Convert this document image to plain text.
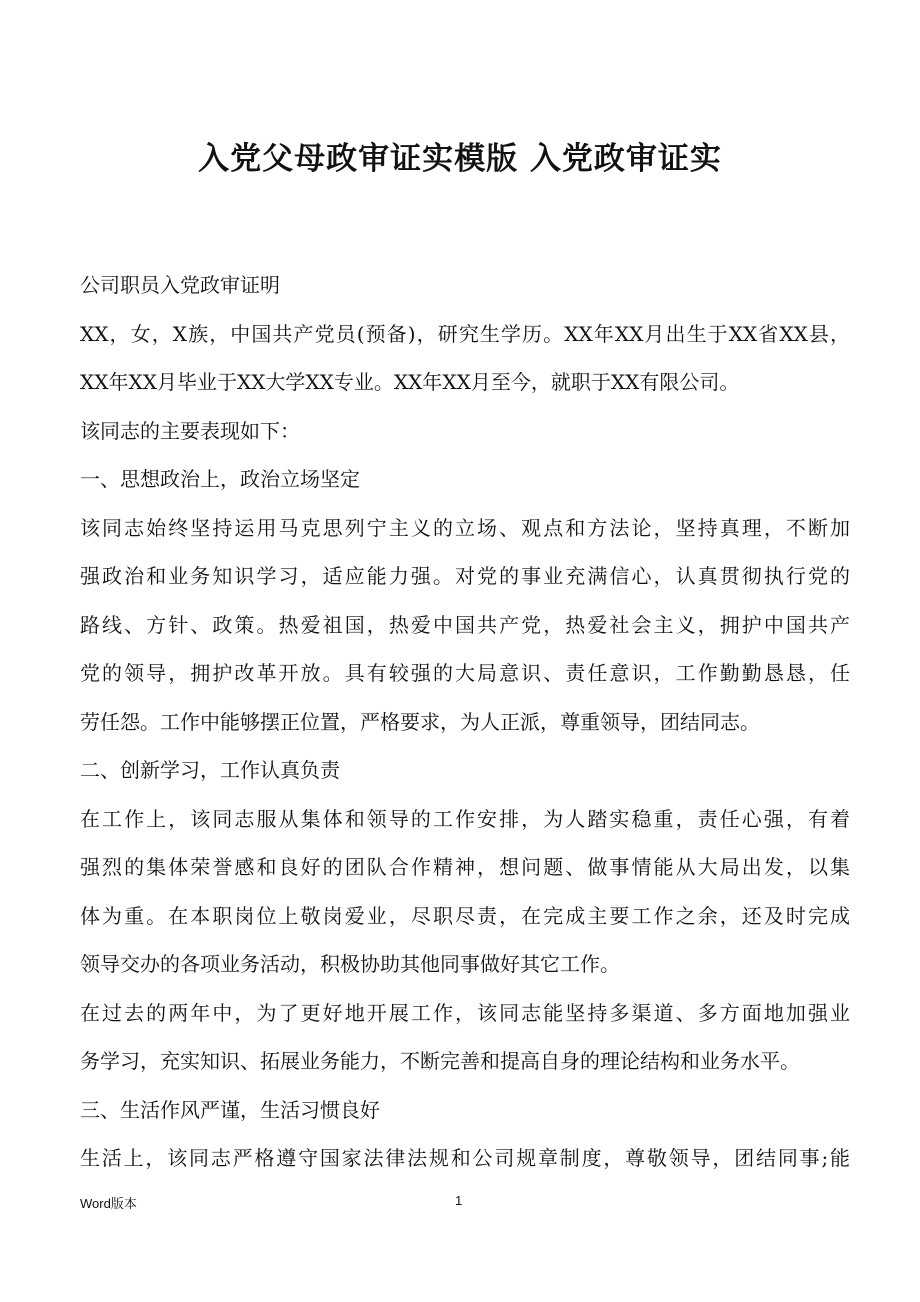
入党父母政审证实模版 入党政审证实

公司职员入党政审证明

XX，女，X族，中国共产党员(预备)，研究生学历。XX年XX月出生于XX省XX县，

XX年XX月毕业于XX大学XX专业。XX年XX月至今，就职于XX有限公司。

该同志的主要表现如下：

一、思想政治上，政治立场坚定

该同志始终坚持运用马克思列宁主义的立场、观点和方法论，坚持真理，不断加

强政治和业务知识学习，适应能力强。对党的事业充满信心，认真贯彻执行党的

路线、方针、政策。热爱祖国，热爱中国共产党，热爱社会主义，拥护中国共产

党的领导，拥护改革开放。具有较强的大局意识、责任意识，工作勤勤恳恳，任

劳任怨。工作中能够摆正位置，严格要求，为人正派，尊重领导，团结同志。

二、创新学习，工作认真负责

在工作上，该同志服从集体和领导的工作安排，为人踏实稳重，责任心强，有着

强烈的集体荣誉感和良好的团队合作精神，想问题、做事情能从大局出发，以集

体为重。在本职岗位上敬岗爱业，尽职尽责，在完成主要工作之余，还及时完成

领导交办的各项业务活动，积极协助其他同事做好其它工作。

在过去的两年中，为了更好地开展工作，该同志能坚持多渠道、多方面地加强业

务学习，充实知识、拓展业务能力，不断完善和提高自身的理论结构和业务水平。

三、生活作风严谨，生活习惯良好

生活上，该同志严格遵守国家法律法规和公司规章制度，尊敬领导，团结同事;能

Word版本	1
